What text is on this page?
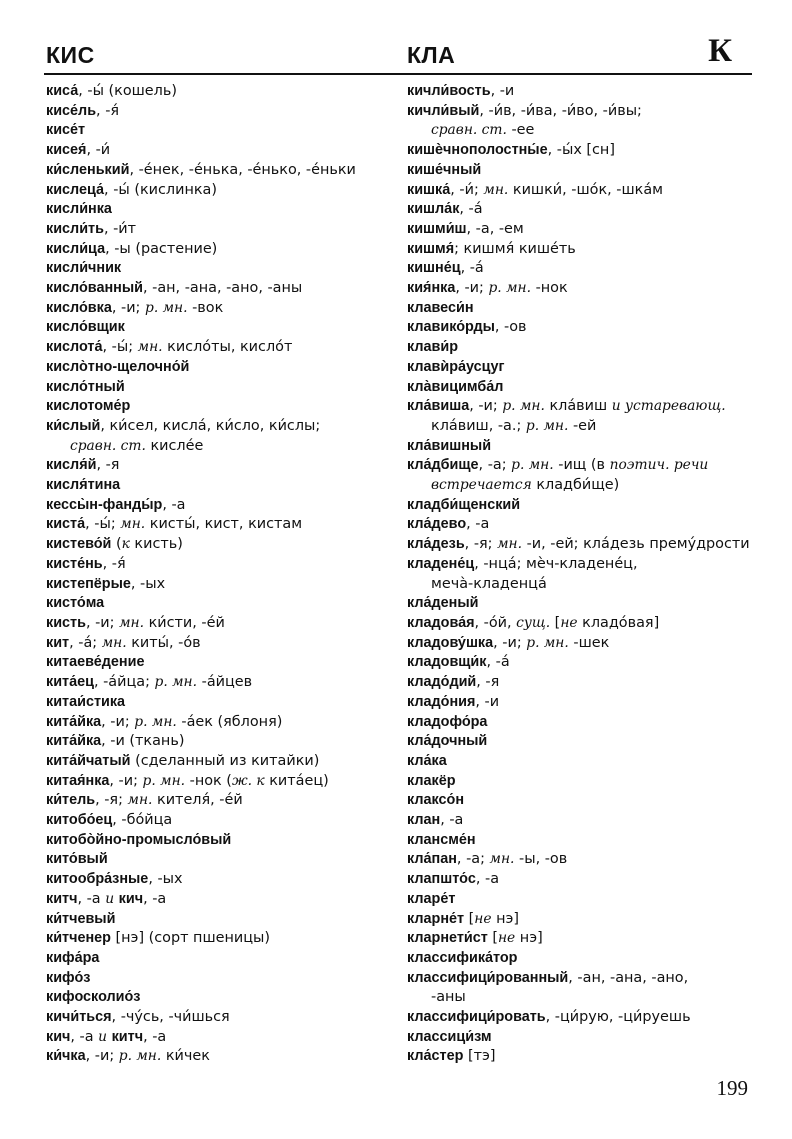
КИС	КЛА	К
киса́, -ы́ (кошель)
кисе́ль, -я́
кисе́т
кисея́, -и́
ки́сленький, -е́нек, -е́нька, -е́нько, -е́ньки
кислеца́, -ы́ (кислинка)
кисли́нка
кисли́ть, -и́т
кисли́ца, -ы (растение)
кисли́чник
кисло́ванный, -ан, -ана, -ано, -аны
кисло́вка, -и; р. мн. -вок
кисло́вщик
кислота́, -ы́; мн. кисло́ты, кисло́т
кисло̀тно-щелочно́й
кисло́тный
кислотоме́р
ки́слый, ки́сел, кисла́, ки́сло, ки́слы;
сравн. ст. кисле́е
кисля́й, -я
кисля́тина
кессы̀н-фанды́р, -а
киста́, -ы́; мн. кисты́, кист, кистам
кистево́й (к кисть)
кисте́нь, -я́
кистепёрые, -ых
кисто́ма
кисть, -и; мн. ки́сти, -е́й
кит, -а́; мн. киты́, -о́в
китаеве́дение
кита́ец, -а́йца; р. мн. -а́йцев
китаи́стика
кита́йка, -и; р. мн. -а́ек (яблоня)
кита́йка, -и (ткань)
кита́йчатый (сделанный из китайки)
китая́нка, -и; р. мн. -нок (ж. к кита́ец)
ки́тель, -я; мн. кителя́, -е́й
китобо́ец, -бо́йца
китобо̀йно-промысло́вый
кито́вый
китообра́зные, -ых
китч, -а и кич, -а
ки́тчевый
ки́тченер [нэ] (сорт пшеницы)
кифа́ра
кифо́з
кифосколио́з
кичи́ться, -чу́сь, -чи́шься
кич, -а и китч, -а
ки́чка, -и; р. мн. ки́чек
кичли́вость, -и
кичли́вый, -и́в, -и́ва, -и́во, -и́вы;
сравн. ст. -ее
кишѐчнополостны́е, -ы́х [сн]
кише́чный
кишка́, -и́; мн. кишки́, -шо́к, -шка́м
кишла́к, -а́
кишми́ш, -а, -ем
кишмя́; кишмя́ кише́ть
кишне́ц, -а́
кия́нка, -и; р. мн. -нок
клавеси́н
клавико́рды, -ов
клави́р
клавѝра́усцуг
кла̀вицимба́л
кла́виша, -и; р. мн. кла́виш и устаревающ.
кла́виш, -а.; р. мн. -ей
кла́вишный
кла́дбище, -а; р. мн. -ищ (в поэтич. речи
встречается кладби́ще)
кладби́щенский
кла́дево, -а
кла́дезь, -я; мн. -и, -ей; кла́дезь прему́дрости
кладене́ц, -нца́; мѐч-кладене́ц,
меча̀-кладенца́
кла́деный
кладова́я, -о́й, сущ. [не кладо́вая]
кладову́шка, -и; р. мн. -шек
кладовщи́к, -а́
кладо́дий, -я
кладо́ния, -и
кладофо́ра
кла́дочный
кла́ка
клакёр
клаксо́н
клан, -а
клансме́н
кла́пан, -а; мн. -ы, -ов
клапшто́с, -а
кларе́т
кларне́т [не нэ]
кларнети́ст [не нэ]
классифика́тор
классифици́рованный, -ан, -ана, -ано,
-аны
классифици́ровать, -ци́рую, -ци́руешь
классици́зм
кла́стер [тэ]
199
